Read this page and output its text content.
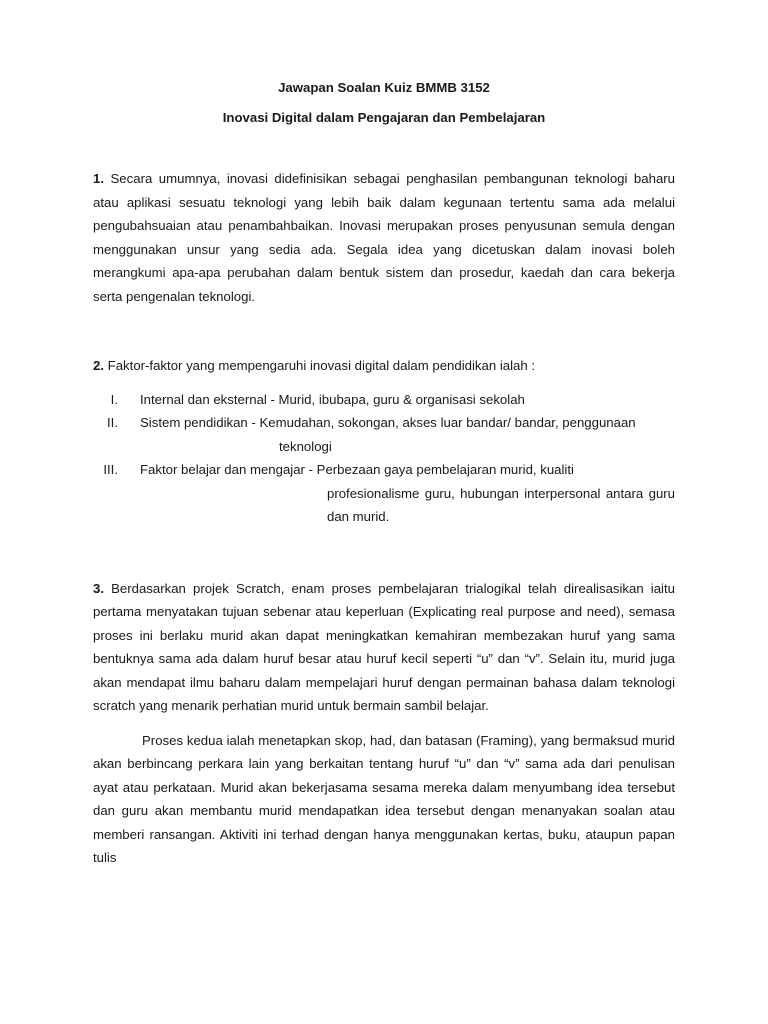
Jawapan Soalan Kuiz BMMB 3152
Inovasi Digital dalam Pengajaran dan Pembelajaran

1. Secara umumnya, inovasi didefinisikan sebagai penghasilan pembangunan teknologi baharu atau aplikasi sesuatu teknologi yang lebih baik dalam kegunaan tertentu sama ada melalui pengubahsuaian atau penambahbaikan. Inovasi merupakan proses penyusunan semula dengan menggunakan unsur yang sedia ada. Segala idea yang dicetuskan dalam inovasi boleh merangkumi apa-apa perubahan dalam bentuk sistem dan prosedur, kaedah dan cara bekerja serta pengenalan teknologi.

2. Faktor-faktor yang mempengaruhi inovasi digital dalam pendidikan ialah :

I. Internal dan eksternal - Murid, ibubapa, guru & organisasi sekolah
II. Sistem pendidikan - Kemudahan, sokongan, akses luar bandar/ bandar, penggunaan
teknologi
III. Faktor belajar dan mengajar - Perbezaan gaya pembelajaran murid, kualiti
profesionalisme guru, hubungan interpersonal antara guru dan murid.

3. Berdasarkan projek Scratch, enam proses pembelajaran trialogikal telah direalisasikan iaitu pertama menyatakan tujuan sebenar atau keperluan (Explicating real purpose and need), semasa proses ini berlaku murid akan dapat meningkatkan kemahiran membezakan huruf yang sama bentuknya sama ada dalam huruf besar atau huruf kecil seperti “u” dan “v”. Selain itu, murid juga akan mendapat ilmu baharu dalam mempelajari huruf dengan permainan bahasa dalam teknologi scratch yang menarik perhatian murid untuk bermain sambil belajar.

Proses kedua ialah menetapkan skop, had, dan batasan (Framing), yang bermaksud murid akan berbincang perkara lain yang berkaitan tentang huruf “u” dan “v” sama ada dari penulisan ayat atau perkataan. Murid akan bekerjasama sesama mereka dalam menyumbang idea tersebut dan guru akan membantu murid mendapatkan idea tersebut dengan menanyakan soalan atau memberi ransangan. Aktiviti ini terhad dengan hanya menggunakan kertas, buku, ataupun papan tulis
